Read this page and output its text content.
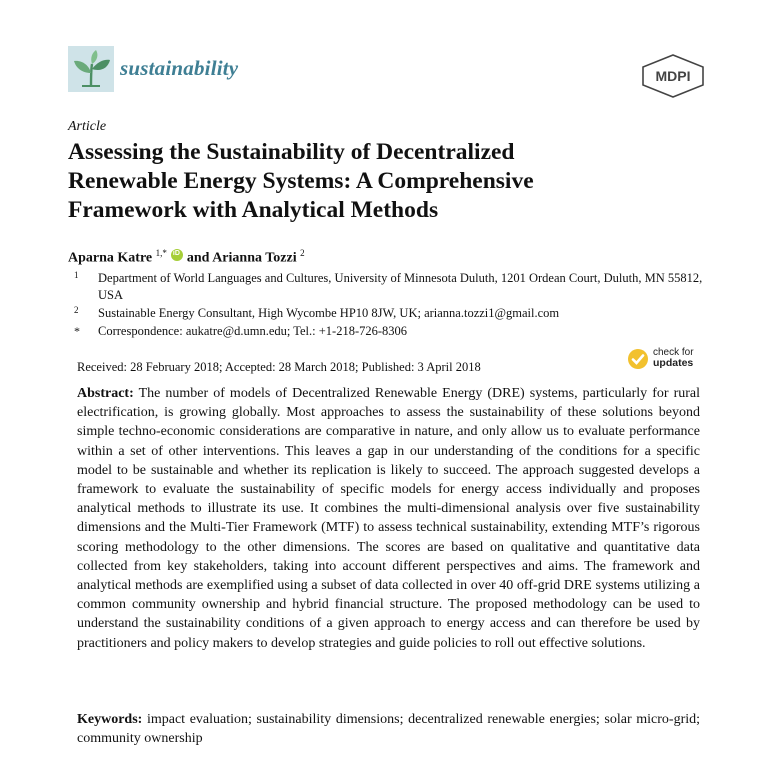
sustainability	MDPI
Article
Assessing the Sustainability of Decentralized
Renewable Energy Systems: A Comprehensive
Framework with Analytical Methods
Aparna Katre $^{1,*}$ iD and Arianna Tozzi $^2$
1 Department of World Languages and Cultures, University of Minnesota Duluth, 1201 Ordean Court, Duluth, MN 55812, USA
2 Sustainable Energy Consultant, High Wycombe HP10 8JW, UK; arianna.tozzi1@gmail.com
* Correspondence: aukatre@d.umn.edu; Tel.: +1-218-726-8306
Received: 28 February 2018; Accepted: 28 March 2018; Published: 3 April 2018
check for
updates

Abstract: The number of models of Decentralized Renewable Energy (DRE) systems, particularly for rural electrification, is growing globally. Most approaches to assess the sustainability of these solutions beyond simple techno-economic considerations are comparative in nature, and only allow us to evaluate performance within a set of other interventions. This leaves a gap in our understanding of the conditions for a specific model to be sustainable and whether its replication is likely to succeed. The approach suggested develops a framework to evaluate the sustainability of specific models for energy access individually and proposes analytical methods to illustrate its use. It combines the multi-dimensional analysis over five sustainability dimensions and the Multi-Tier Framework (MTF) to assess technical sustainability, extending MTF’s rigorous scoring methodology to the other dimensions. The scores are based on qualitative and quantitative data collected from key stakeholders, taking into account different perspectives and aims. The framework and analytical methods are exemplified using a subset of data collected in over 40 off-grid DRE systems utilizing a common community ownership and hybrid financial structure. The proposed methodology can be used to understand the sustainability conditions of a given approach to energy access and can therefore be used by practitioners and policy makers to develop strategies and guide policies to roll out effective solutions.

Keywords: impact evaluation; sustainability dimensions; decentralized renewable energies; solar micro-grid; community ownership
